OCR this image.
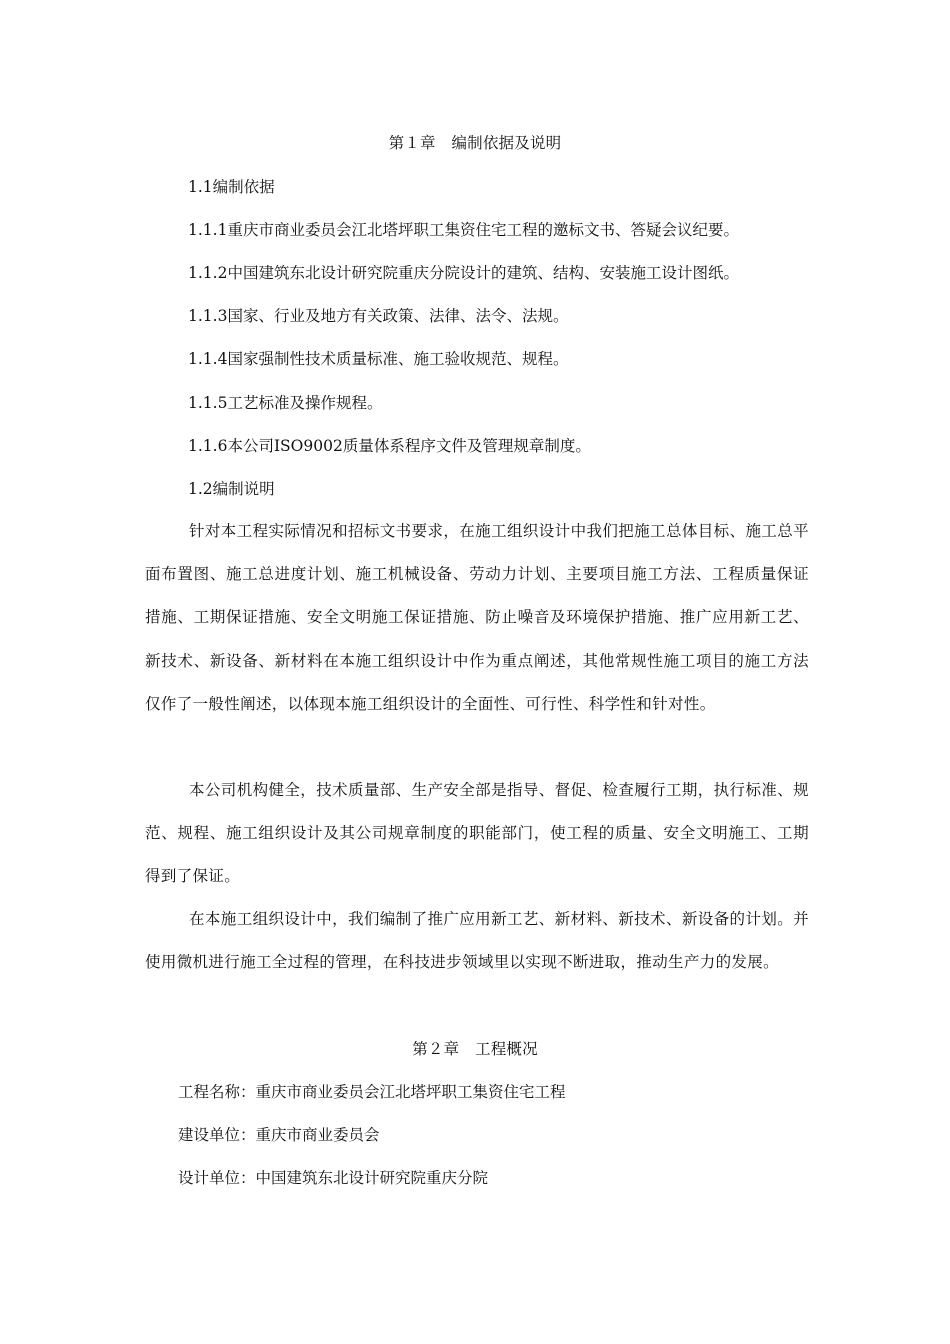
第１章　编制依据及说明
1.1编制依据
1.1.1重庆市商业委员会江北塔坪职工集资住宅工程的邀标文书、答疑会议纪要。
1.1.2中国建筑东北设计研究院重庆分院设计的建筑、结构、安装施工设计图纸。
1.1.3国家、行业及地方有关政策、法律、法令、法规。
1.1.4国家强制性技术质量标准、施工验收规范、规程。
1.1.5工艺标准及操作规程。
1.1.6本公司ISO9002质量体系程序文件及管理规章制度。
1.2编制说明

针对本工程实际情况和招标文书要求，在施工组织设计中我们把施工总体目标、施工总平面布置图、施工总进度计划、施工机械设备、劳动力计划、主要项目施工方法、工程质量保证措施、工期保证措施、安全文明施工保证措施、防止噪音及环境保护措施、推广应用新工艺、新技术、新设备、新材料在本施工组织设计中作为重点阐述，其他常规性施工项目的施工方法仅作了一般性阐述，以体现本施工组织设计的全面性、可行性、科学性和针对性。

本公司机构健全，技术质量部、生产安全部是指导、督促、检查履行工期，执行标准、规范、规程、施工组织设计及其公司规章制度的职能部门，使工程的质量、安全文明施工、工期得到了保证。

在本施工组织设计中，我们编制了推广应用新工艺、新材料、新技术、新设备的计划。并使用微机进行施工全过程的管理，在科技进步领域里以实现不断进取，推动生产力的发展。

第２章　工程概况
工程名称：重庆市商业委员会江北塔坪职工集资住宅工程
建设单位：重庆市商业委员会
设计单位：中国建筑东北设计研究院重庆分院
